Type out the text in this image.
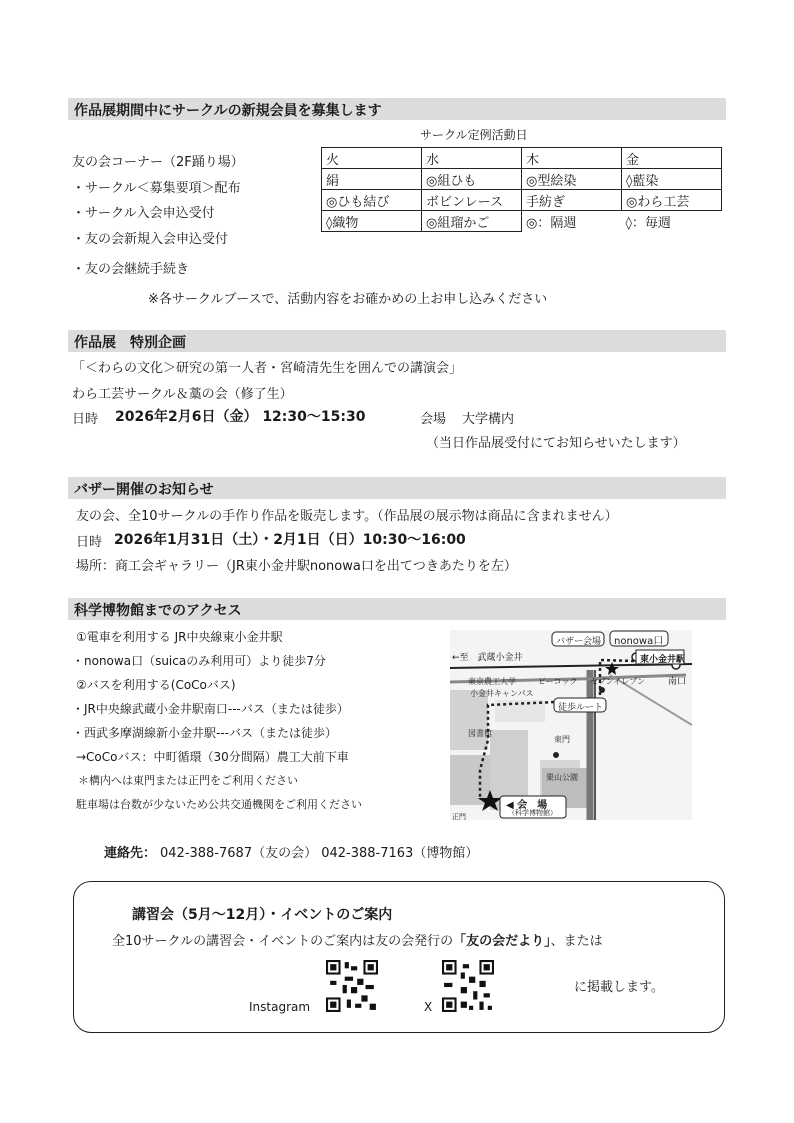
作品展期間中にサークルの新規会員を募集します
サークル定例活動日
友の会コーナー（2F踊り場）
・サークル＜募集要項＞配布
・サークル入会申込受付
・友の会新規入会申込受付
・友の会継続手続き
火	水	木	金
絹	◎組ひも	◎型絵染	◊藍染
◎ひも結び	ボビンレース	手紡ぎ	◎わら工芸
◊織物	◎組瑠かご	◎：隔週	◊：毎週
※各サークルブースで、活動内容をお確かめの上お申し込みください
作品展　特別企画
「＜わらの文化＞研究の第一人者・宮崎清先生を囲んでの講演会」
わら工芸サークル＆藁の会（修了生）
日時 2026年2月6日（金） 12:30〜15:30	会場 大学構内
（当日作品展受付にてお知らせいたします）
バザー開催のお知らせ
友の会、全10サークルの手作り作品を販売します。（作品展の展示物は商品に含まれません）
日時 2026年1月31日（土）・2月1日（日）10:30〜16:00
場所：商工会ギャラリー（JR東小金井駅nonowa口を出てつきあたりを左）
科学博物館までのアクセス
①電車を利用する JR中央線東小金井駅
・nonowa口（suicaのみ利用可）より徒歩7分
②バスを利用する(CoCoバス)
・JR中央線武蔵小金井駅南口---バス（または徒歩）
・西武多摩湖線新小金井駅---バス（または徒歩）
→CoCoバス：中町循環（30分間隔）農工大前下車
＊構内へは東門または正門をご利用ください
駐車場は台数が少ないため公共交通機関をご利用ください
←至　武蔵小金井
バザー会場 nonowa口
東小金井駅
南口
東京農工大学
小金井キャンパス
ピーコック セブンイレブン
徒歩ルート
図書館
東門
栗山公園
◀ 会　場
（科学博物館）
正門
連絡先： 042-388-7687（友の会） 042-388-7163（博物館）
講習会（5月〜12月）・イベントのご案内
全10サークルの講習会・イベントのご案内は友の会発行の「友の会だより」、または
Instagram	X
に掲載します。
